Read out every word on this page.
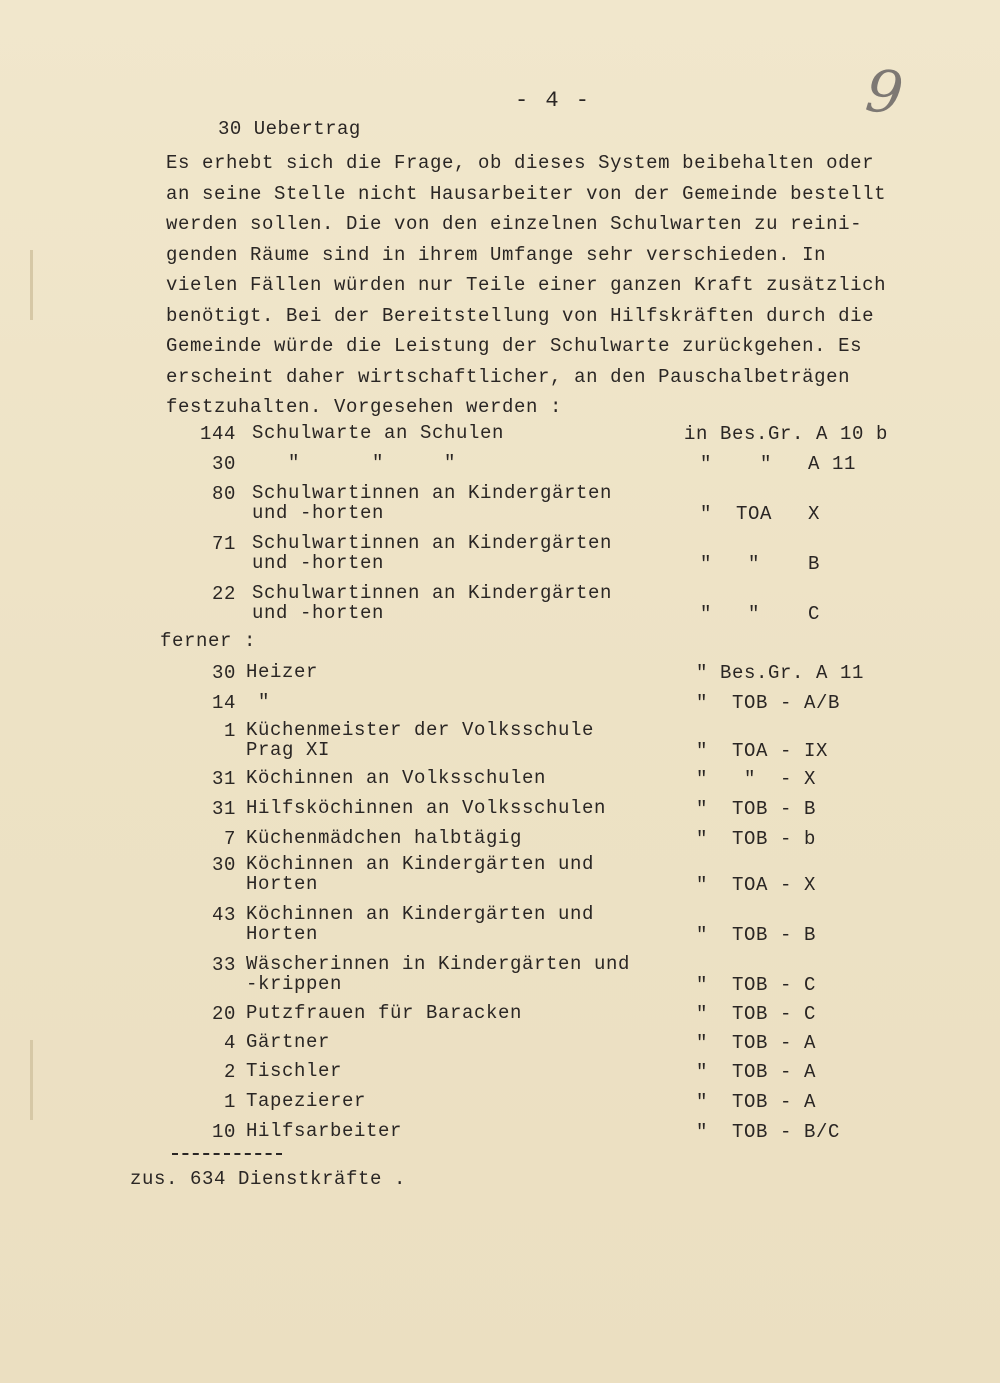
- 4 -	9
30 Uebertrag
Es erhebt sich die Frage, ob dieses System beibehalten oder
an seine Stelle nicht Hausarbeiter von der Gemeinde bestellt
werden sollen. Die von den einzelnen Schulwarten zu reini-
genden Räume sind in ihrem Umfange sehr verschieden. In
vielen Fällen würden nur Teile einer ganzen Kraft zusätzlich
benötigt. Bei der Bereitstellung von Hilfskräften durch die
Gemeinde würde die Leistung der Schulwarte zurückgehen. Es
erscheint daher wirtschaftlicher, an den Pauschalbeträgen
festzuhalten. Vorgesehen werden :
144 Schulwarte an Schulen	in Bes.Gr. A 10 b
30 "      "     "	"    "   A 11
80 Schulwartinnen an Kindergärten
und -horten	"  TOA   X
71 Schulwartinnen an Kindergärten
und -horten	"   "    B
22 Schulwartinnen an Kindergärten
und -horten	"   "    C
ferner :
30 Heizer	" Bes.Gr. A 11
14 "	"  TOB - A/B
1 Küchenmeister der Volksschule
Prag XI	"  TOA - IX
31 Köchinnen an Volksschulen	"   "  - X
31 Hilfsköchinnen an Volksschulen	"  TOB - B
7 Küchenmädchen halbtägig	"  TOB - b
30 Köchinnen an Kindergärten und
Horten	"  TOA - X
43 Köchinnen an Kindergärten und
Horten	"  TOB - B
33 Wäscherinnen in Kindergärten und
-krippen	"  TOB - C
20 Putzfrauen für Baracken	"  TOB - C
4 Gärtner	"  TOB - A
2 Tischler	"  TOB - A
1 Tapezierer	"  TOB - A
10 Hilfsarbeiter	"  TOB - B/C
zus. 634 Dienstkräfte .
